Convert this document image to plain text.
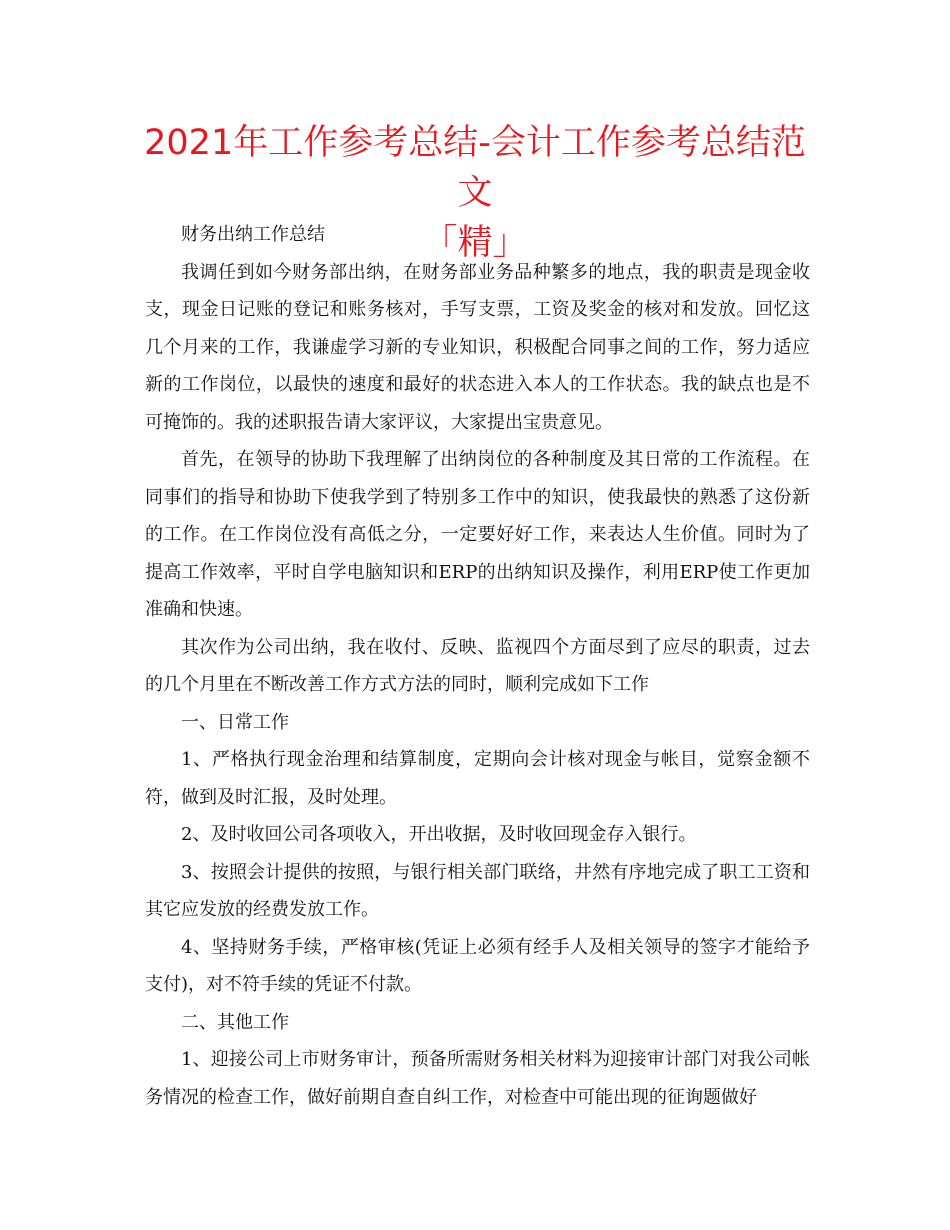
2021年工作参考总结-会计工作参考总结范文
「精」

财务出纳工作总结

我调任到如今财务部出纳，在财务部业务品种繁多的地点，我的职责是现金收支，现金日记账的登记和账务核对，手写支票，工资及奖金的核对和发放。回忆这几个月来的工作，我谦虚学习新的专业知识，积极配合同事之间的工作，努力适应新的工作岗位，以最快的速度和最好的状态进入本人的工作状态。我的缺点也是不可掩饰的。我的述职报告请大家评议，大家提出宝贵意见。

首先，在领导的协助下我理解了出纳岗位的各种制度及其日常的工作流程。在同事们的指导和协助下使我学到了特别多工作中的知识，使我最快的熟悉了这份新的工作。在工作岗位没有高低之分，一定要好好工作，来表达人生价值。同时为了提高工作效率，平时自学电脑知识和ERP的出纳知识及操作，利用ERP使工作更加准确和快速。

其次作为公司出纳，我在收付、反映、监视四个方面尽到了应尽的职责，过去的几个月里在不断改善工作方式方法的同时，顺利完成如下工作

一、日常工作

1、严格执行现金治理和结算制度，定期向会计核对现金与帐目，觉察金额不符，做到及时汇报，及时处理。

2、及时收回公司各项收入，开出收据，及时收回现金存入银行。

3、按照会计提供的按照，与银行相关部门联络，井然有序地完成了职工工资和其它应发放的经费发放工作。

4、坚持财务手续，严格审核(凭证上必须有经手人及相关领导的签字才能给予支付)，对不符手续的凭证不付款。

二、其他工作

1、迎接公司上市财务审计，预备所需财务相关材料为迎接审计部门对我公司帐务情况的检查工作，做好前期自查自纠工作，对检查中可能出现的征询题做好
